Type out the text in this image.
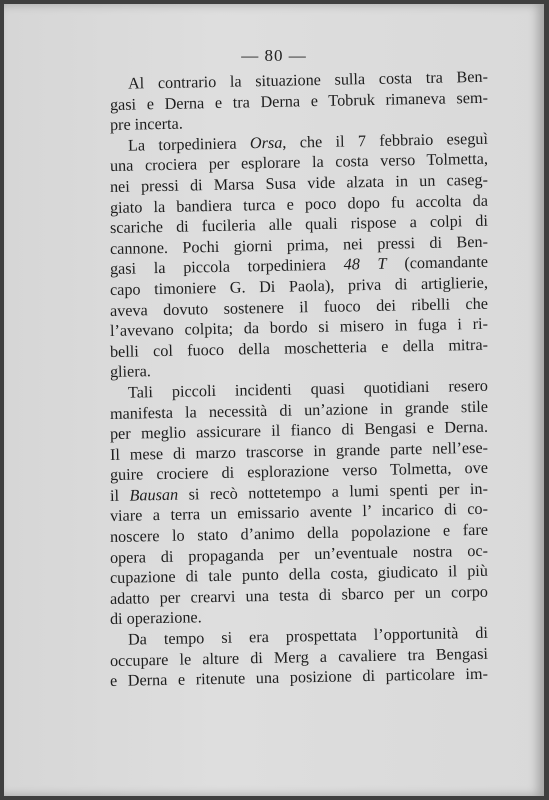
— 80 —
Al contrario la situazione sulla costa tra Ben-
gasi e Derna e tra Derna e Tobruk rimaneva sem-
pre incerta.
La torpediniera Orsa, che il 7 febbraio eseguì
una crociera per esplorare la costa verso Tolmetta,
nei pressi di Marsa Susa vide alzata in un caseg-
giato la bandiera turca e poco dopo fu accolta da
scariche di fucileria alle quali rispose a colpi di
cannone. Pochi giorni prima, nei pressi di Ben-
gasi la piccola torpediniera 48 T (comandante
capo timoniere G. Di Paola), priva di artiglierie,
aveva dovuto sostenere il fuoco dei ribelli che
l’avevano colpita; da bordo si misero in fuga i ri-
belli col fuoco della moschetteria e della mitra-
gliera.
Tali piccoli incidenti quasi quotidiani resero
manifesta la necessità di un’azione in grande stile
per meglio assicurare il fianco di Bengasi e Derna.
Il mese di marzo trascorse in grande parte nell’ese-
guire crociere di esplorazione verso Tolmetta, ove
il Bausan si recò nottetempo a lumi spenti per in-
viare a terra un emissario avente l’ incarico di co-
noscere lo stato d’animo della popolazione e fare
opera di propaganda per un’eventuale nostra oc-
cupazione di tale punto della costa, giudicato il più
adatto per crearvi una testa di sbarco per un corpo
di operazione.
Da tempo si era prospettata l’opportunità di
occupare le alture di Merg a cavaliere tra Bengasi
e Derna e ritenute una posizione di particolare im-
